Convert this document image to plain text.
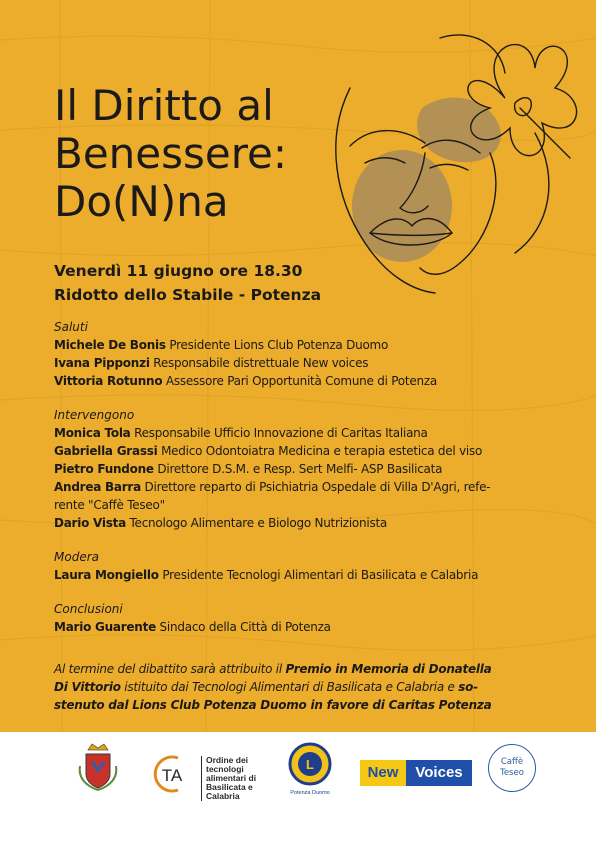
Il Diritto al
Benessere:
Do(N)na
Venerdì 11 giugno ore 18.30
Ridotto dello Stabile - Potenza
Saluti
Michele De Bonis Presidente Lions Club Potenza Duomo
Ivana Pipponzi Responsabile distrettuale New voices
Vittoria Rotunno Assessore Pari Opportunità Comune di Potenza
Intervengono
Monica Tola Responsabile Ufficio Innovazione di Caritas Italiana
Gabriella Grassi Medico Odontoiatra Medicina e terapia estetica del viso
Pietro Fundone Direttore D.S.M. e Resp. Sert Melfi- ASP Basilicata
Andrea Barra Direttore reparto di Psichiatria Ospedale di Villa D'Agri, refe-
rente "Caffè Teseo"
Dario Vista Tecnologo Alimentare e Biologo Nutrizionista
Modera
Laura Mongiello Presidente Tecnologi Alimentari di Basilicata e Calabria
Conclusioni
Mario Guarente Sindaco della Città di Potenza
Al termine del dibattito sarà attribuito il Premio in Memoria di Donatella
Di Vittorio istituito dai Tecnologi Alimentari di Basilicata e Calabria e so-
stenuto dal Lions Club Potenza Duomo in favore di Caritas Potenza
TA
Ordine dei
tecnologi
alimentari di
Basilicata e
Calabria
L
Potenza Duomo
New	Voices
Caffè
Teseo
